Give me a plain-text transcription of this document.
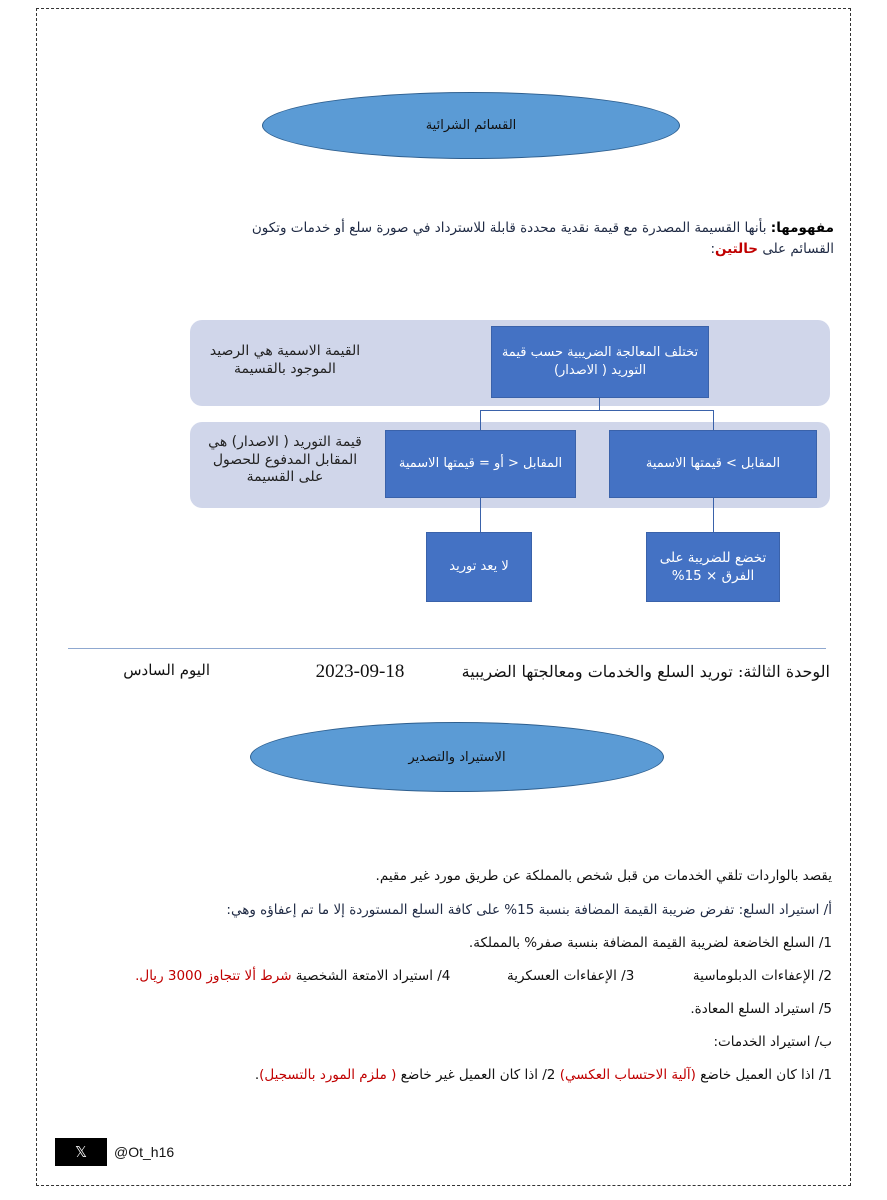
القسائم الشرائية
مفهومها: بأنها القسيمة المصدرة مع قيمة نقدية محددة قابلة للاسترداد في صورة سلع أو خدمات وتكون
القسائم على حالتين:
القيمة الاسمية هي الرصيد الموجود بالقسيمة
قيمة التوريد ( الاصدار) هي المقابل المدفوع للحصول على القسيمة
تختلف المعالجة الضريبية حسب قيمة التوريد ( الاصدار)
المقابل > قيمتها الاسمية
المقابل < أو = قيمتها الاسمية
تخضع للضريبة على الفرق × 15%
لا يعد توريد
الوحدة الثالثة: توريد السلع والخدمات ومعالجتها الضريبية
2023-09-18
اليوم السادس
الاستيراد والتصدير
يقصد بالواردات تلقي الخدمات من قبل شخص بالمملكة عن طريق مورد غير مقيم.
أ/ استيراد السلع: تفرض ضريبة القيمة المضافة بنسبة 15% على كافة السلع المستوردة إلا ما تم إعفاؤه وهي:
1/ السلع الخاضعة لضريبة القيمة المضافة بنسبة صفر% بالمملكة.
2/ الإعفاءات الدبلوماسية  3/ الإعفاءات العسكرية  4/ استيراد الامتعة الشخصية شرط ألا تتجاوز 3000 ريال.
5/ استيراد السلع المعادة.
ب/ استيراد الخدمات:
1/ اذا كان العميل خاضع (آلية الاحتساب العكسي) 2/ اذا كان العميل غير خاضع ( ملزم المورد بالتسجيل).
𝕏	@Ot_h16
